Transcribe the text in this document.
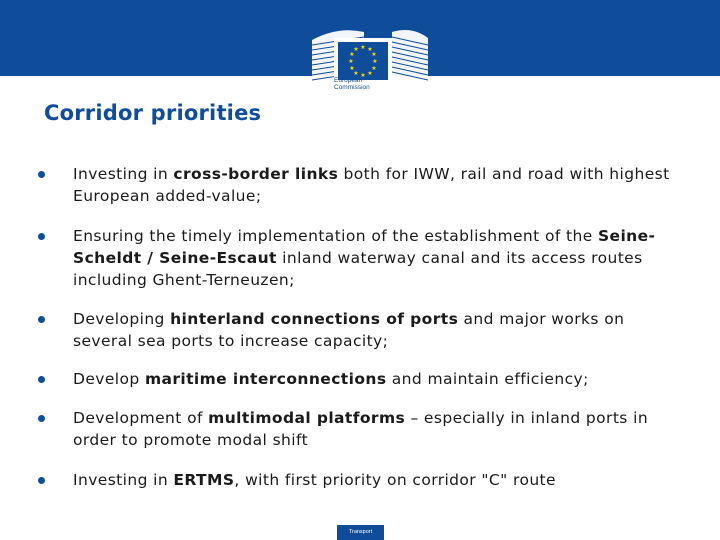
★ ★
★
★
★
★
★
★
★
★
★
★
European
Commission
Corridor priorities
Investing in cross-border links both for IWW, rail and road with highest European added-value;
Ensuring the timely implementation of the establishment of the Seine-Scheldt / Seine-Escaut inland waterway canal and its access routes including Ghent-Terneuzen;
Developing hinterland connections of ports and major works on several sea ports to increase capacity;
Develop maritime interconnections and maintain efficiency;
Development of multimodal platforms – especially in inland ports in order to promote modal shift
Investing in ERTMS, with first priority on corridor "C" route
Transport
